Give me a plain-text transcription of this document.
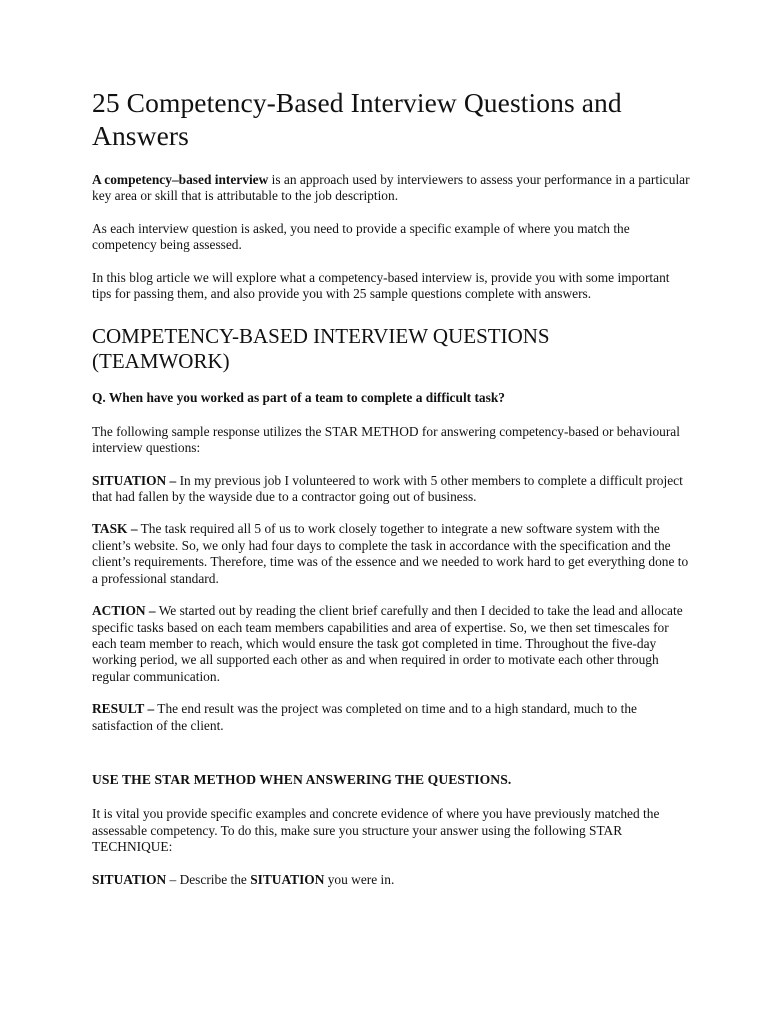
25 Competency-Based Interview Questions and Answers

A competency–based interview is an approach used by interviewers to assess your performance in a particular key area or skill that is attributable to the job description.

As each interview question is asked, you need to provide a specific example of where you match the competency being assessed.

In this blog article we will explore what a competency-based interview is, provide you with some important tips for passing them, and also provide you with 25 sample questions complete with answers.

COMPETENCY-BASED INTERVIEW QUESTIONS (TEAMWORK)

Q. When have you worked as part of a team to complete a difficult task?

The following sample response utilizes the STAR METHOD for answering competency-based or behavioural interview questions:

SITUATION – In my previous job I volunteered to work with 5 other members to complete a difficult project that had fallen by the wayside due to a contractor going out of business.

TASK – The task required all 5 of us to work closely together to integrate a new software system with the client’s website. So, we only had four days to complete the task in accordance with the specification and the client’s requirements. Therefore, time was of the essence and we needed to work hard to get everything done to a professional standard.

ACTION – We started out by reading the client brief carefully and then I decided to take the lead and allocate specific tasks based on each team members capabilities and area of expertise. So, we then set timescales for each team member to reach, which would ensure the task got completed in time. Throughout the five-day working period, we all supported each other as and when required in order to motivate each other through regular communication.

RESULT – The end result was the project was completed on time and to a high standard, much to the satisfaction of the client.

USE THE STAR METHOD WHEN ANSWERING THE QUESTIONS.

It is vital you provide specific examples and concrete evidence of where you have previously matched the assessable competency. To do this, make sure you structure your answer using the following STAR TECHNIQUE:

SITUATION – Describe the SITUATION you were in.
